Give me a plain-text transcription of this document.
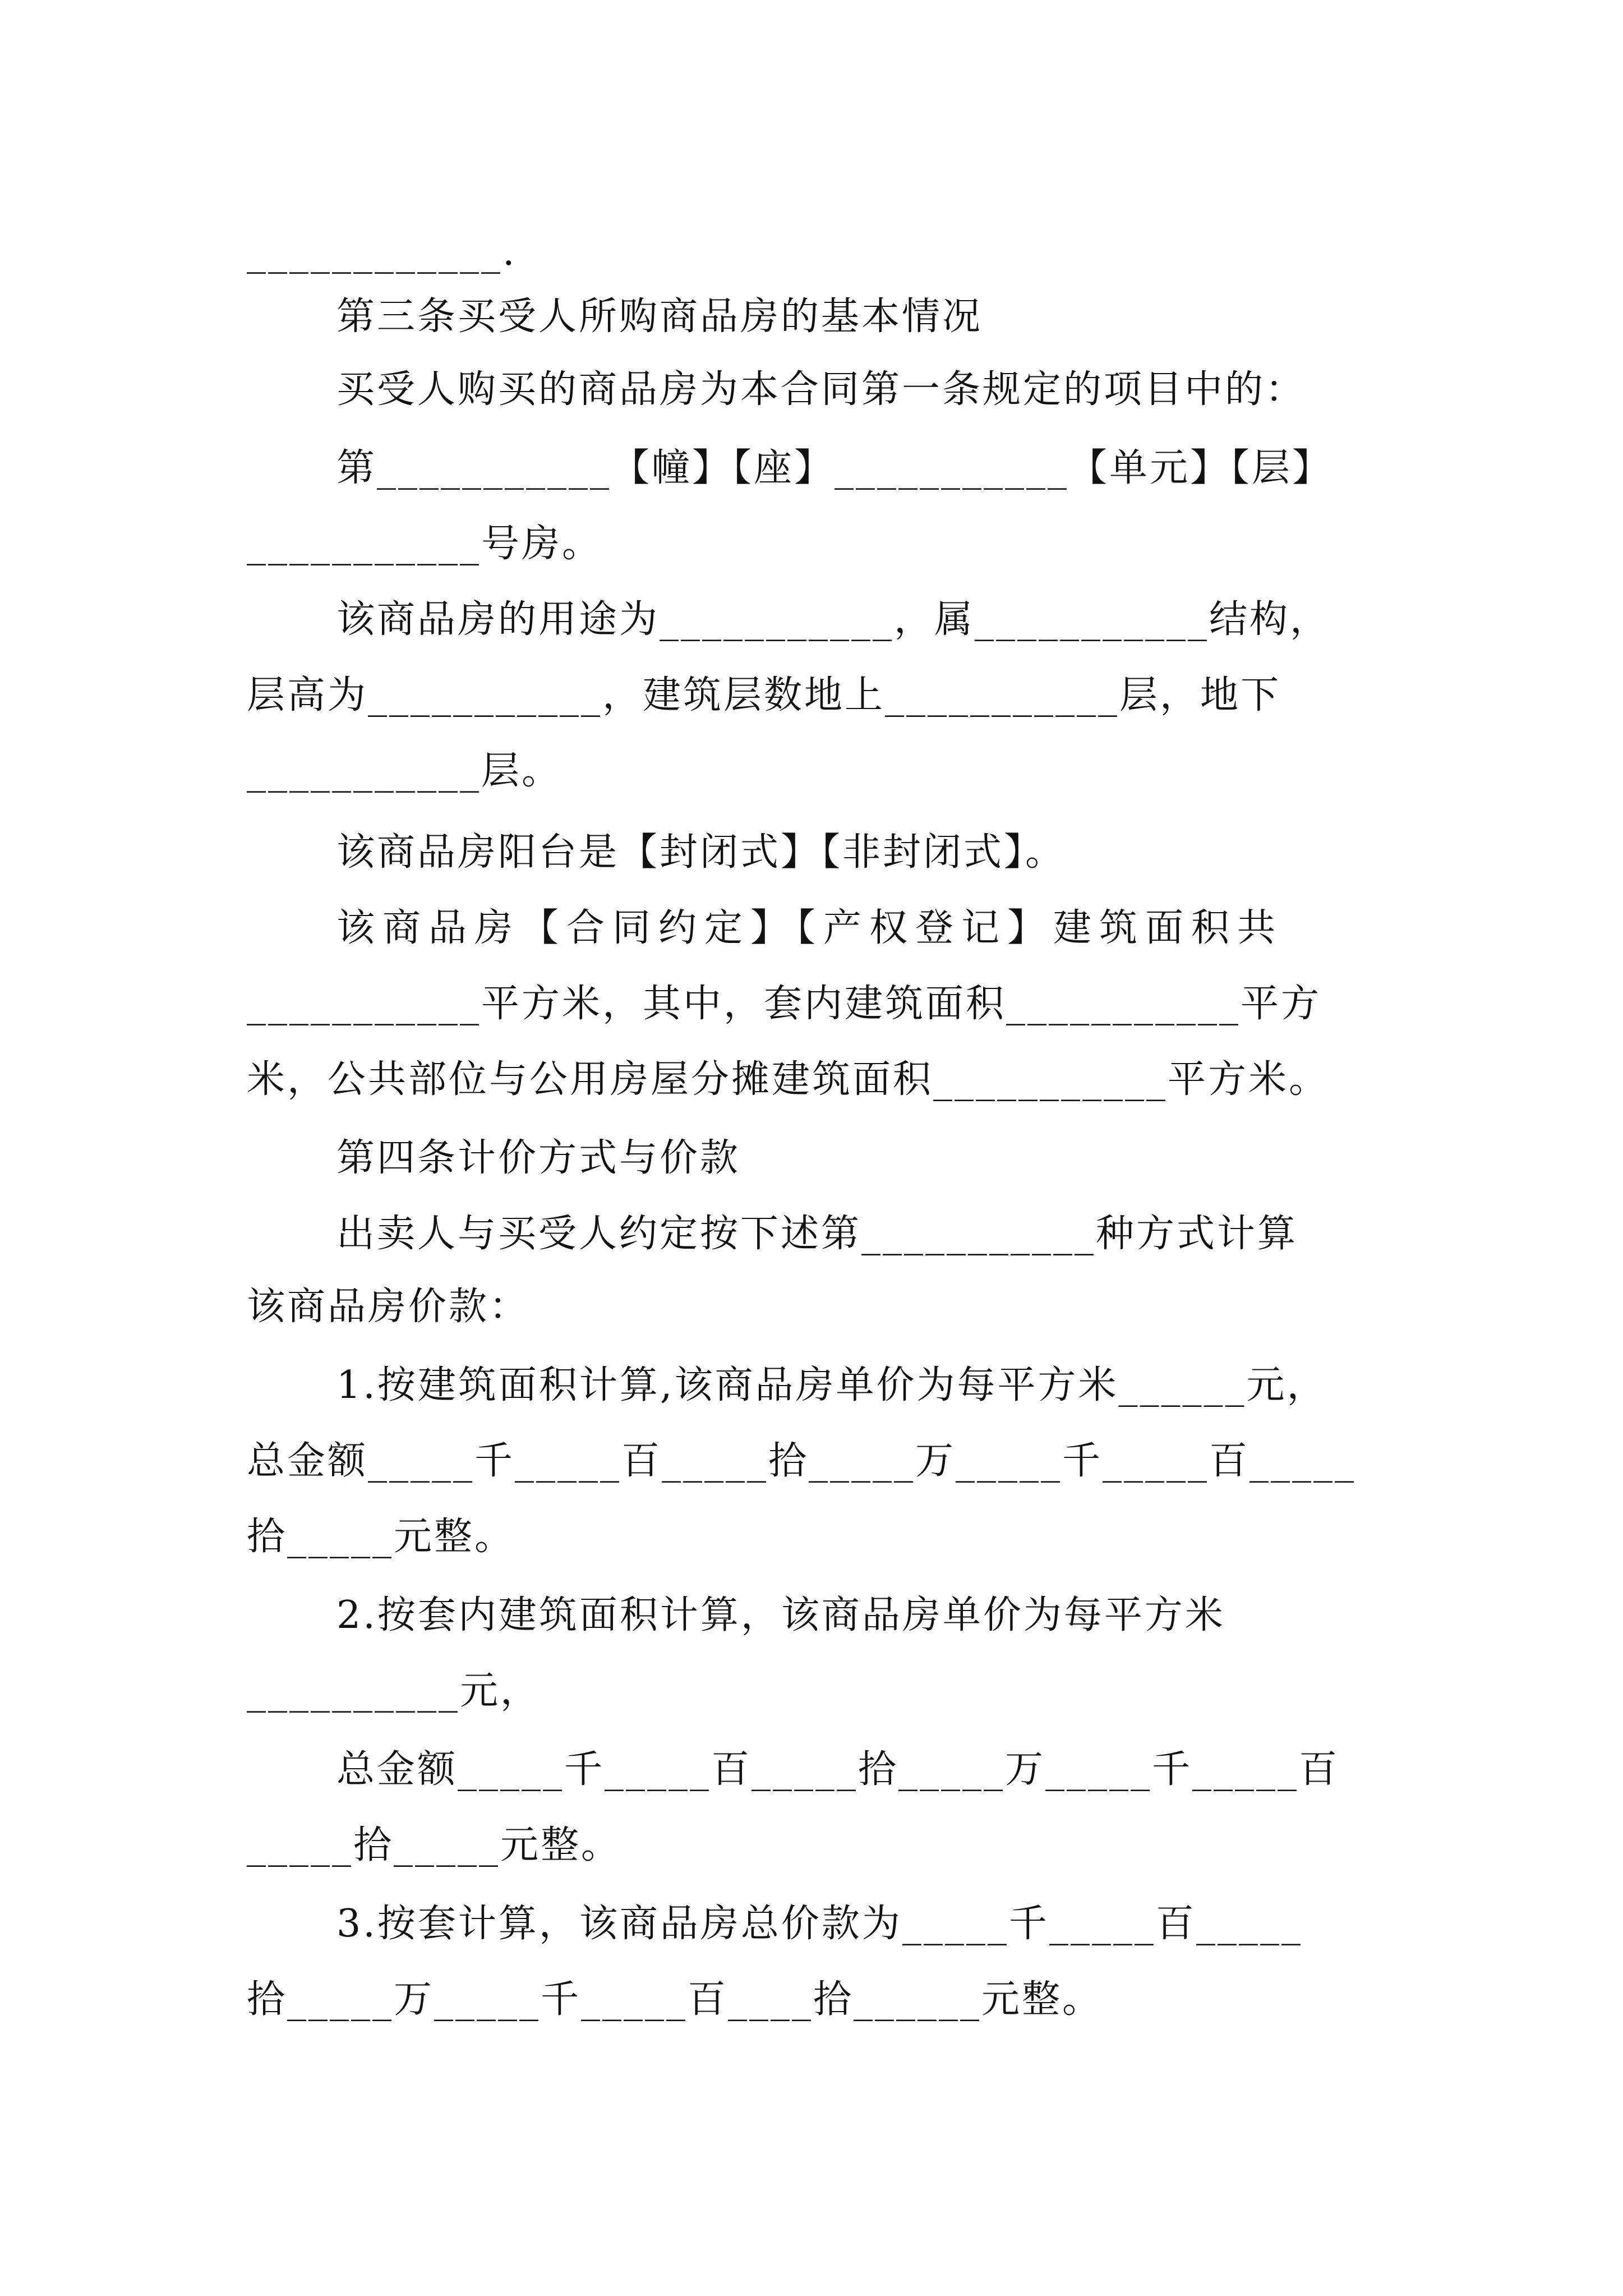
____________.
第三条买受人所购商品房的基本情况
买受人购买的商品房为本合同第一条规定的项目中的：
第___________【幢】【座】___________【单元】【层】
___________号房。
该商品房的用途为___________，属___________结构，
层高为___________，建筑层数地上___________层，地下
___________层。
该商品房阳台是【封闭式】【非封闭式】。
该商品房【合同约定】【产权登记】建筑面积共
___________平方米，其中，套内建筑面积___________平方
米，公共部位与公用房屋分摊建筑面积___________平方米。
第四条计价方式与价款
出卖人与买受人约定按下述第___________种方式计算
该商品房价款：
1.按建筑面积计算,该商品房单价为每平方米______元，
总金额_____千_____百_____拾_____万_____千_____百_____
拾_____元整。
2.按套内建筑面积计算，该商品房单价为每平方米
__________元，
总金额_____千_____百_____拾_____万_____千_____百
_____拾_____元整。
3.按套计算，该商品房总价款为_____千_____百_____
拾_____万_____千_____百____拾______元整。
